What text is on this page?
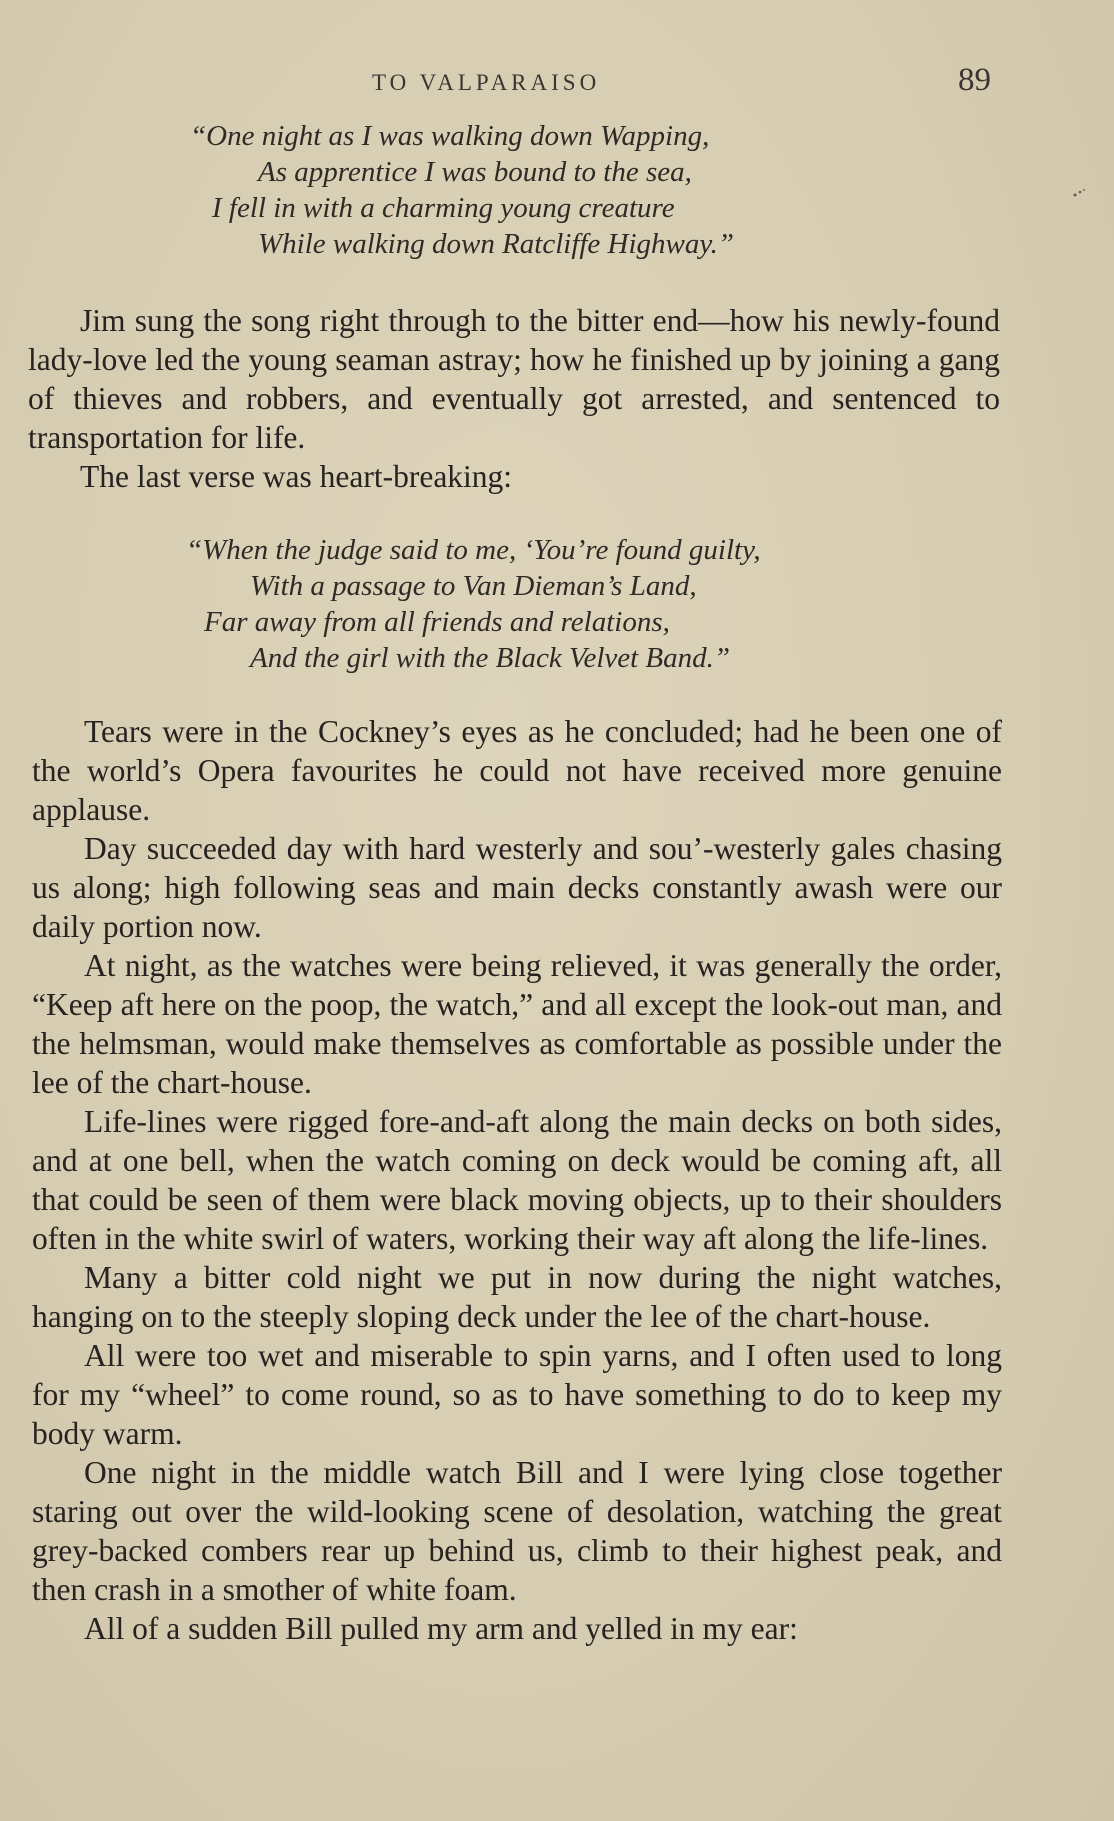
TO VALPARAISO	89
“One night as I was walking down Wapping,
As apprentice I was bound to the sea,
I fell in with a charming young creature
While walking down Ratcliffe Highway.”

Jim sung the song right through to the bitter end—how his newly-found lady-love led the young seaman astray; how he finished up by joining a gang of thieves and robbers, and eventually got arrested, and sentenced to transportation for life.

The last verse was heart-breaking:

“When the judge said to me, ‘You’re found guilty,
With a passage to Van Dieman’s Land,
Far away from all friends and relations,
And the girl with the Black Velvet Band.”

Tears were in the Cockney’s eyes as he concluded; had he been one of the world’s Opera favourites he could not have received more genuine applause.

Day succeeded day with hard westerly and sou’-westerly gales chasing us along; high following seas and main decks constantly awash were our daily portion now.

At night, as the watches were being relieved, it was generally the order, “Keep aft here on the poop, the watch,” and all except the look-out man, and the helmsman, would make themselves as comfortable as possible under the lee of the chart-house.

Life-lines were rigged fore-and-aft along the main decks on both sides, and at one bell, when the watch coming on deck would be coming aft, all that could be seen of them were black moving objects, up to their shoulders often in the white swirl of waters, working their way aft along the life-lines.

Many a bitter cold night we put in now during the night watches, hanging on to the steeply sloping deck under the lee of the chart-house.

All were too wet and miserable to spin yarns, and I often used to long for my “wheel” to come round, so as to have something to do to keep my body warm.

One night in the middle watch Bill and I were lying close together staring out over the wild-looking scene of desolation, watching the great grey-backed combers rear up behind us, climb to their highest peak, and then crash in a smother of white foam.

All of a sudden Bill pulled my arm and yelled in my ear:
